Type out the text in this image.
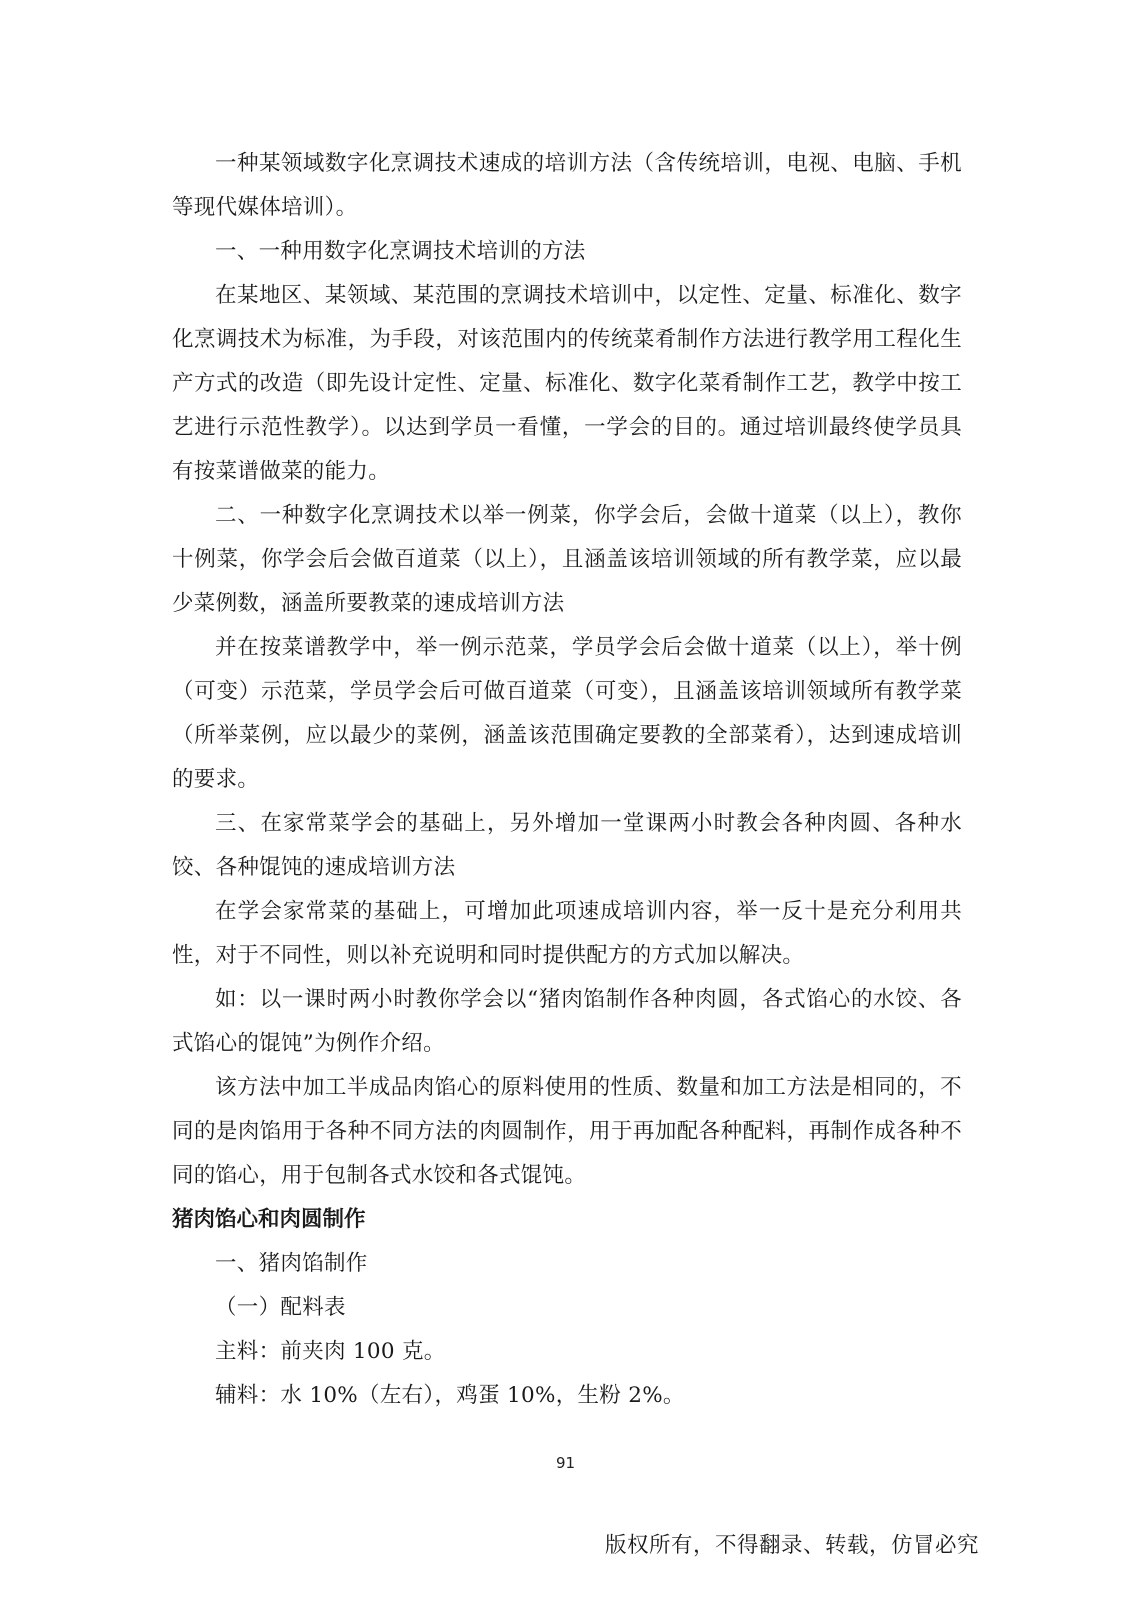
一种某领域数字化烹调技术速成的培训方法（含传统培训，电视、电脑、手机等现代媒体培训）。

一、一种用数字化烹调技术培训的方法

在某地区、某领域、某范围的烹调技术培训中，以定性、定量、标准化、数字化烹调技术为标准，为手段，对该范围内的传统菜肴制作方法进行教学用工程化生产方式的改造（即先设计定性、定量、标准化、数字化菜肴制作工艺，教学中按工艺进行示范性教学）。以达到学员一看懂，一学会的目的。通过培训最终使学员具有按菜谱做菜的能力。

二、一种数字化烹调技术以举一例菜，你学会后，会做十道菜（以上），教你十例菜，你学会后会做百道菜（以上），且涵盖该培训领域的所有教学菜，应以最少菜例数，涵盖所要教菜的速成培训方法

并在按菜谱教学中，举一例示范菜，学员学会后会做十道菜（以上），举十例（可变）示范菜，学员学会后可做百道菜（可变），且涵盖该培训领域所有教学菜（所举菜例，应以最少的菜例，涵盖该范围确定要教的全部菜肴），达到速成培训的要求。

三、在家常菜学会的基础上，另外增加一堂课两小时教会各种肉圆、各种水饺、各种馄饨的速成培训方法

在学会家常菜的基础上，可增加此项速成培训内容，举一反十是充分利用共性，对于不同性，则以补充说明和同时提供配方的方式加以解决。

如：以一课时两小时教你学会以“猪肉馅制作各种肉圆，各式馅心的水饺、各式馅心的馄饨”为例作介绍。

该方法中加工半成品肉馅心的原料使用的性质、数量和加工方法是相同的，不同的是肉馅用于各种不同方法的肉圆制作，用于再加配各种配料，再制作成各种不同的馅心，用于包制各式水饺和各式馄饨。

猪肉馅心和肉圆制作

一、猪肉馅制作

（一）配料表

主料：前夹肉 100 克。

辅料：水 10%（左右），鸡蛋 10%，生粉 2%。

91
版权所有，不得翻录、转载，仿冒必究
